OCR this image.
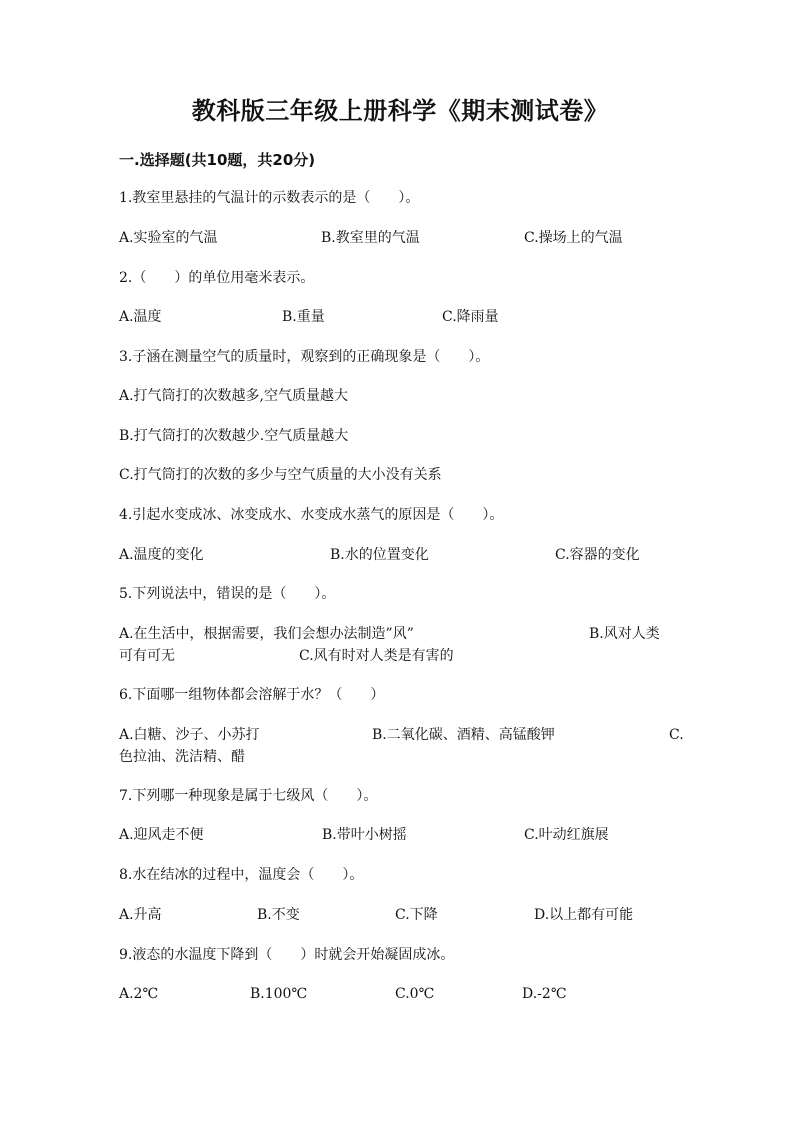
教科版三年级上册科学《期末测试卷》
一.选择题(共10题，共20分)
1.教室里悬挂的气温计的示数表示的是（　　）。
A.实验室的气温	B.教室里的气温	C.操场上的气温
2.（　　）的单位用毫米表示。
A.温度	B.重量	C.降雨量
3.子涵在测量空气的质量时，观察到的正确现象是（　　）。
A.打气筒打的次数越多,空气质量越大
B.打气筒打的次数越少.空气质量越大
C.打气筒打的次数的多少与空气质量的大小没有关系
4.引起水变成冰、冰变成水、水变成水蒸气的原因是（　　）。
A.温度的变化	B.水的位置变化	C.容器的变化
5.下列说法中，错误的是（　　）。
A.在生活中，根据需要，我们会想办法制造”风”	B.风对人类
可有可无	C.风有时对人类是有害的
6.下面哪一组物体都会溶解于水？（　　）
A.白糖、沙子、小苏打	B.二氧化碳、酒精、高锰酸钾	C.
色拉油、洗洁精、醋
7.下列哪一种现象是属于七级风（　　）。
A.迎风走不便	B.带叶小树摇	C.叶动红旗展
8.水在结冰的过程中，温度会（　　）。
A.升高	B.不变	C.下降	D.以上都有可能
9.液态的水温度下降到（　　）时就会开始凝固成冰。
A.2℃	B.100℃	C.0℃	D.-2℃
